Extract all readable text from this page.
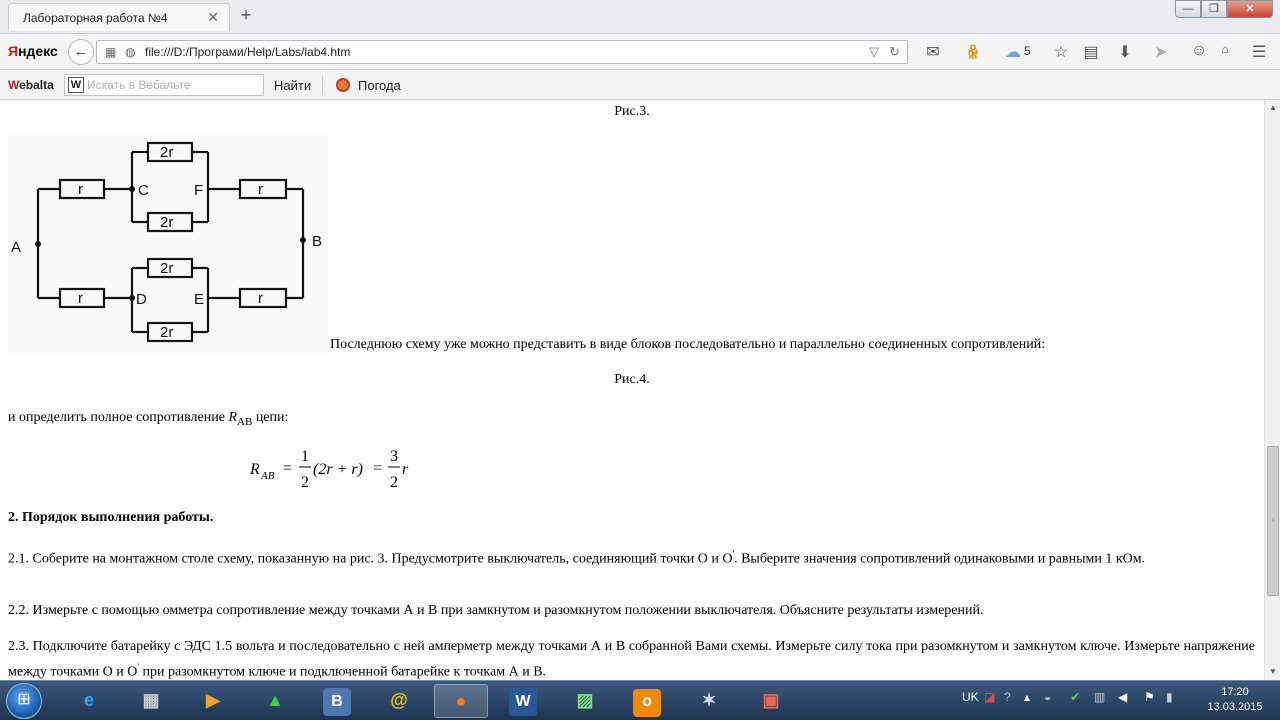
Лабораторная работа №4	✕ +	—	❐	✕
Яндекс	←	▦ ◍ file:///D:/Програми/Help/Labs/lab4.htm	▽ ↻ ✉ ꆜ ☁ 5 ☆ ▤ ⬇ ➤ ☺	⌂	☰
Webalta W
Искать в Вебальте	Найти	Погода
Рис.3.
A	B
C	F
D	E
r	r
r	r
2r
2r
2r
2r
Последнюю схему уже можно представить в виде блоков последовательно и параллельно соединенных сопротивлений:
Рис.4.
и определить полное сопротивление $R_{AB}$ цепи:
R AB =
1
2
(2r + r) =
3
2
r
2. Порядок выполнения работы.
2.1. Соберите на монтажном столе схему, показанную на рис. 3. Предусмотрите выключатель, соединяющий точки О и О'. Выберите значения сопротивлений одинаковыми и равными 1 кОм.
2.2. Измерьте с помощью омметра сопротивление между точками А и В при замкнутом и разомкнутом положении выключателя. Объясните результаты измерений.
2.3. Подключите батарейку с ЭДС 1.5 вольта и последовательно с ней амперметр между точками А и В собранной Вами схемы. Измерьте силу тока при разомкнутом и замкнутом ключе. Измерьте напряжение между точками О и О' при разомкнутом ключе и подключенной батарейке к точкам А и В.
▲
≡
▼
⊞	e	▦	▶	▲	В	@	●	W	▨	о	✶	▣	UK ◪ ? ▴ ◒ ✔ ▥ ◀ ⚑ ▮	17:20
13.03.2015
